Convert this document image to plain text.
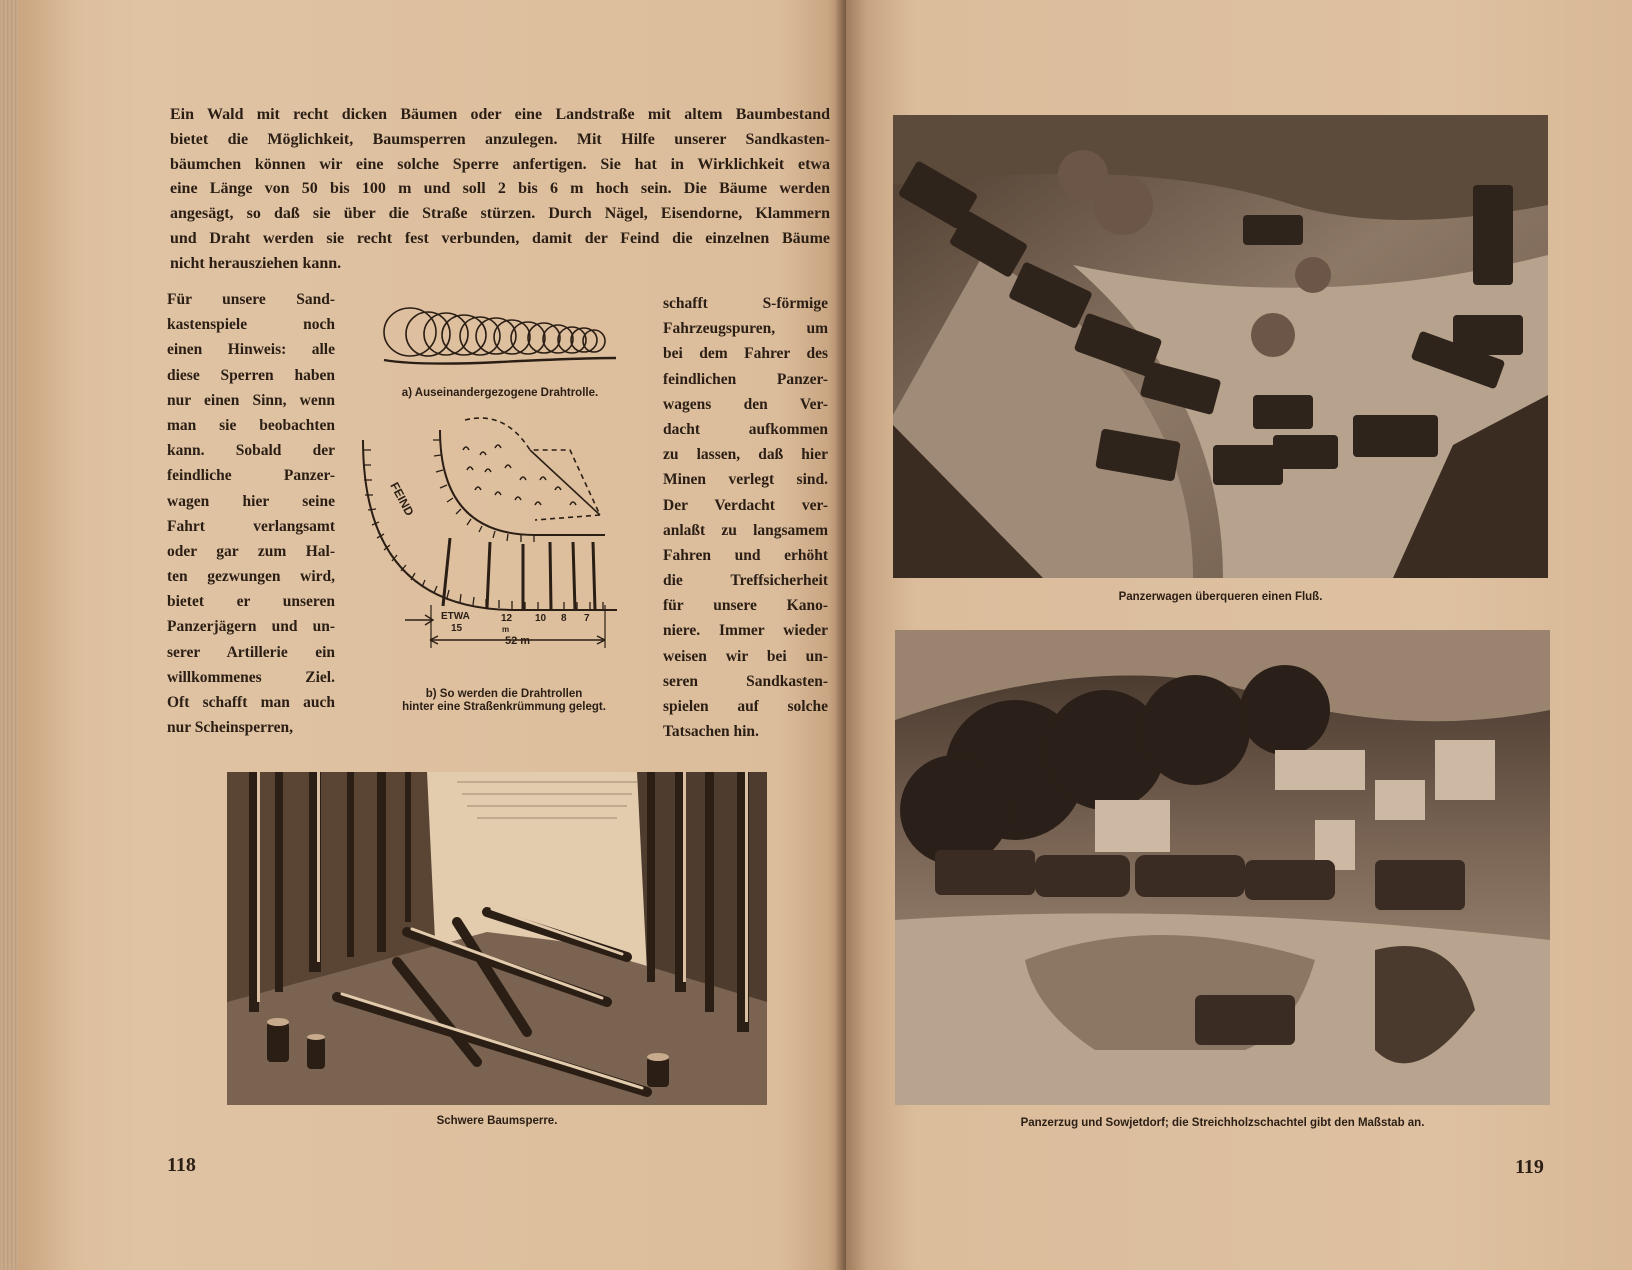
Ein Wald mit recht dicken Bäumen oder eine Landstraße mit altem Baumbestand
bietet die Möglichkeit, Baumsperren anzulegen. Mit Hilfe unserer Sandkasten-
bäumchen können wir eine solche Sperre anfertigen. Sie hat in Wirklichkeit etwa
eine Länge von 50 bis 100 m und soll 2 bis 6 m hoch sein. Die Bäume werden
angesägt, so daß sie über die Straße stürzen. Durch Nägel, Eisendorne, Klammern
und Draht werden sie recht fest verbunden, damit der Feind die einzelnen Bäume
nicht herausziehen kann.
Für unsere Sand-
kastenspiele noch
einen Hinweis: alle
diese Sperren haben
nur einen Sinn, wenn
man sie beobachten
kann. Sobald der
feindliche Panzer-
wagen hier seine
Fahrt verlangsamt
oder gar zum Hal-
ten gezwungen wird,
bietet er unseren
Panzerjägern und un-
serer Artillerie ein
willkommenes Ziel.
Oft schafft man auch
nur Scheinsperren,
schafft S-förmige
Fahrzeugspuren, um
bei dem Fahrer des
feindlichen Panzer-
wagens den Ver-
dacht aufkommen
zu lassen, daß hier
Minen verlegt sind.
Der Verdacht ver-
anlaßt zu langsamem
Fahren und erhöht
die Treffsicherheit
für unsere Kano-
niere. Immer wieder
weisen wir bei un-
seren Sandkasten-
spielen auf solche
Tatsachen hin.
a) Auseinandergezogene Drahtrolle.
FEIND
ETWA
15
12 10 8 7
m
52 m
b) So werden die Drahtrollen
hinter eine Straßenkrümmung gelegt.
Schwere Baumsperre.
118
Panzerwagen überqueren einen Fluß.
Panzerzug und Sowjetdorf; die Streichholzschachtel gibt den Maßstab an.
119
